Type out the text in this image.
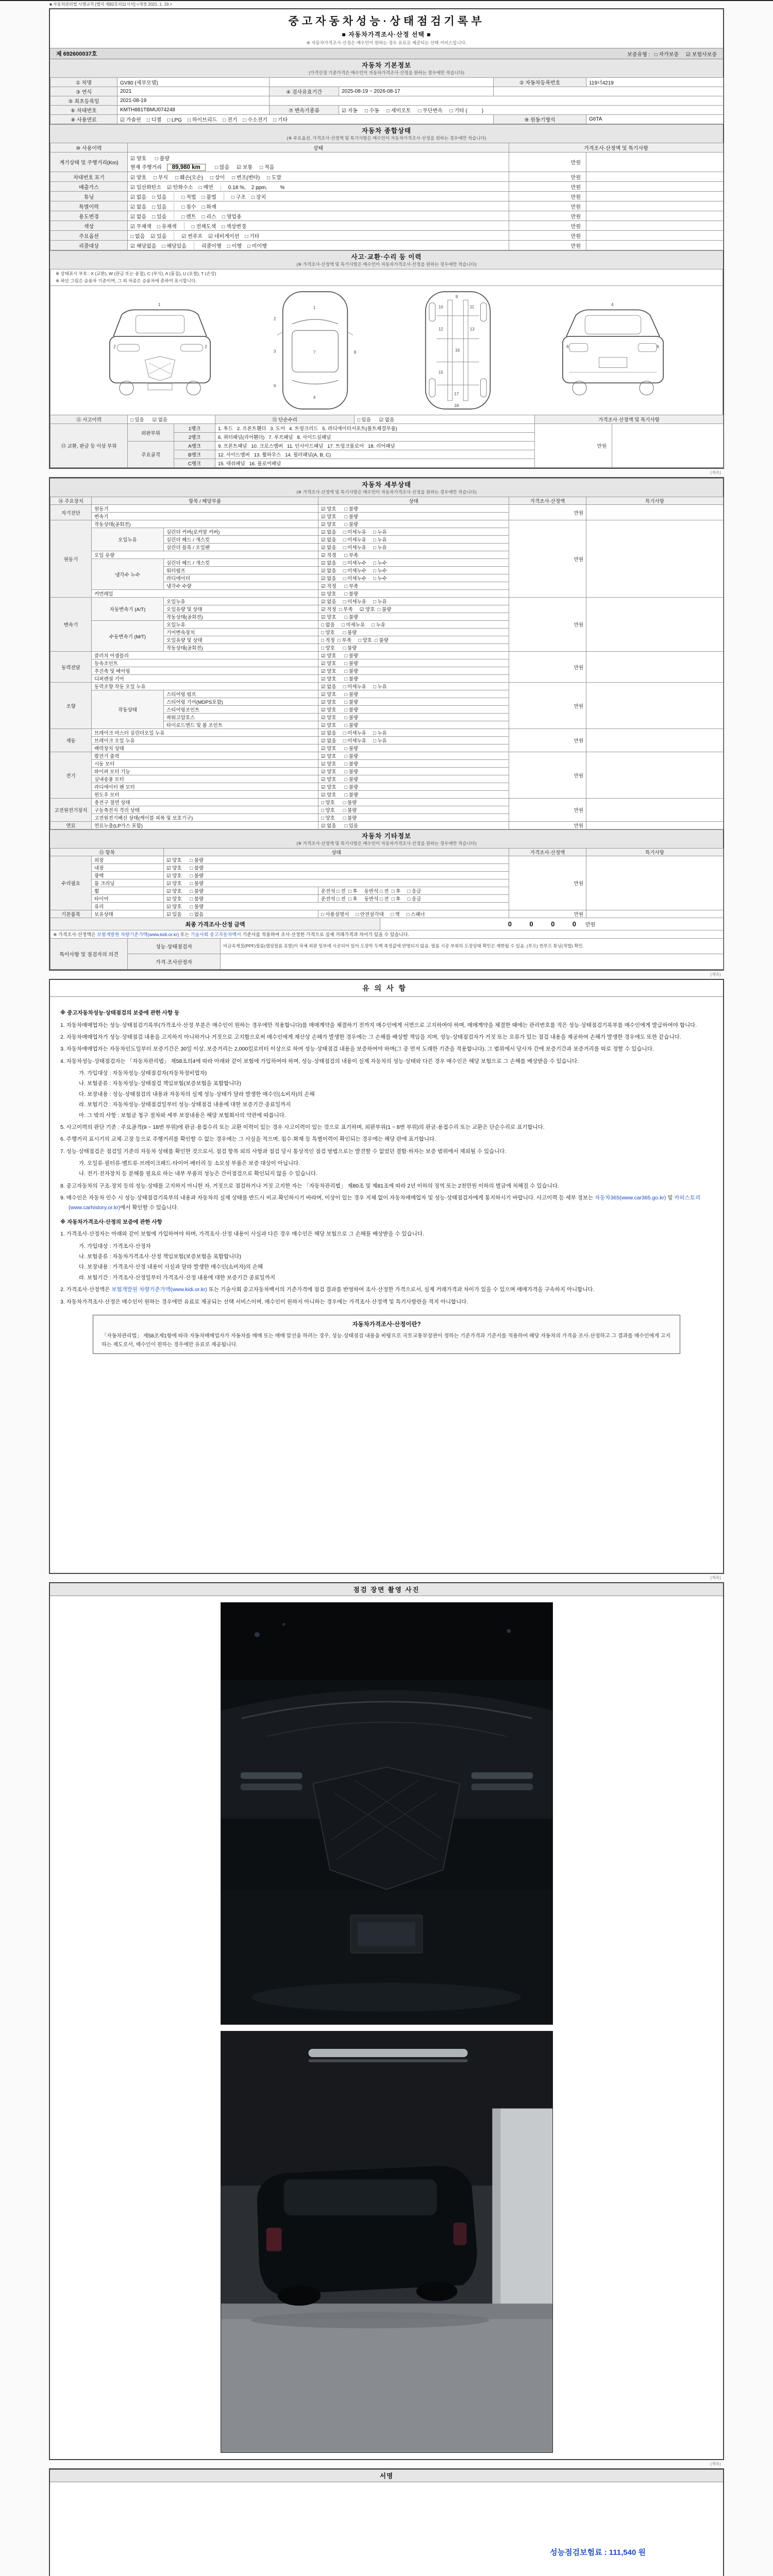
■ 자동차관리법 시행규칙 [별지 제82호의11서식] <개정 2021. 1. 19.>
중고자동차성능·상태점검기록부
■ 자동차가격조사·산정 선택 ■
※ 자동차가격조사·산정은 매수인이 원하는 경우 유료로 제공되는 선택 서비스입니다.
제 692600037호	보증유형 :   □ 자가보증     ☑ 보험사보증
자동차 기본정보
(가격산정 기준가격은 매수인이 자동차가격조사·산정을 원하는 경우에만 적습니다)
① 차명	GV80 (세부모델)			② 자동차등록번호	119너4219
③ 연식	2021	④ 검사유효기간	2025-08-19 ~ 2026-08-17		
⑤ 최초등록일	2021-08-19				
⑥ 차대번호	KMTH881TBMU074248	⑦ 변속기종류	☑ 자동     □ 수동     □ 세미오토     □ 무단변속     □ 기타 (          )		
⑧ 사용연료	☑ 가솔린    □ 디젤    □ LPG    □ 하이브리드    □ 전기    □ 수소전기    □ 기타			⑨ 원동기형식	G6TA
자동차 종합상태
(※ 주요옵션, 가격조사·산정액 및 특기사항은 매수인이 자동차가격조사·산정을 원하는 경우에만 적습니다)
⑩ 사용이력	상태	가격조사·산정액 및 특기사항	
계기상태 및 주행거리(Km)	☑ 양호      □ 불량
현재 주행거리 89,980 km   □ 많음     ☑ 보통     □ 적음	만원	
차대번호 표기	☑ 양호     □ 부식     □ 훼손(오손)     □ 상이     □ 변조(변타)     □ 도말	만원	
배출가스	☑ 일산화탄소    ☑ 탄화수소    □ 매연 0.18 %,    2 ppm,         %	만원	
튜닝	☑ 없음    □ 있음 □ 적법    □ 불법 □ 구조    □ 장치	만원	
특별이력	☑ 없음    □ 있음 □ 침수    □ 화재	만원	
용도변경	☑ 없음    □ 있음 □ 렌트    □ 리스    □ 영업용	만원	
색상	☑ 무채색    □ 유채색 □ 전체도색    □ 색상변경	만원	
주요옵션	□ 없음    ☑ 있음 ☑ 썬루프    ☑ 네비게이션    □ 기타	만원	
리콜대상	☑ 해당없음    □ 해당있음 리콜이행    □ 이행    □ 미이행	만원	
사고·교환·수리 등 이력
(※ 가격조사·산정액 및 특기사항은 매수인이 자동차가격조사·산정을 원하는 경우에만 적습니다)
※ 상태표시 부호 : X (교환), W (판금 또는 용접), C (부식), A (흠집), U (요철), T (손상)
※ 하단 그림은 승용차 기준이며, 그 외 차종은 승용차에 준하여 표시합니다.
1
2	2
1
2
3	7
6
8
4
9
10	11
12	13
16
15
17
18
4
6	6
⑪ 사고이력	□ 있음      ☑ 없음		⑫ 단순수리	□ 있음      ☑ 없음	가격조사·산정액 및 특기사항	
⑬ 교환, 판금 등 이상 부위	외판부위	1랭크	1. 후드   2. 프론트휀더   3. 도어   4. 트렁크리드   5. 라디에이터서포트(볼트체결부품)		만원	
		2랭크	6. 쿼터패널(리어휀더)   7. 루프패널   8. 사이드실패널			
	주요골격	A랭크	9. 프론트패널   10. 크로스멤버   11. 인사이드패널   17. 트렁크플로어   18. 리어패널			
		B랭크	12. 사이드멤버   13. 휠하우스   14. 필러패널(A, B, C)			
		C랭크	15. 대쉬패널   16. 플로어패널			
(계속)
자동차 세부상태
(※ 가격조사·산정액 및 특기사항은 매수인이 자동차가격조사·산정을 원하는 경우에만 적습니다)
⑭ 주요장치	항목 / 해당부품		상태	가격조사·산정액	특기사항
자기진단	원동기		☑ 양호      □ 불량	만원	
	변속기		☑ 양호      □ 불량		
원동기	작동상태(공회전)		☑ 양호      □ 불량	만원	
	오일누유	실린더 커버(로커암 커버)	☑ 없음     □ 미세누유     □ 누유		
		실린더 헤드 / 개스킷	☑ 없음     □ 미세누유     □ 누유		
		실린더 블록 / 오일팬	☑ 없음     □ 미세누유     □ 누유		
	오일 유량		☑ 적정      □ 부족		
	냉각수 누수	실린더 헤드 / 개스킷	☑ 없음     □ 미세누수     □ 누수		
		워터펌프	☑ 없음     □ 미세누수     □ 누수		
		라디에이터	☑ 없음     □ 미세누수     □ 누수		
		냉각수 수량	☑ 적정      □ 부족		
	커먼레일		☑ 양호      □ 불량		
변속기	자동변속기 (A/T)	오일누유	☑ 없음     □ 미세누유     □ 누유	만원	
		오일유량 및 상태	☑ 적정  □ 부족     ☑ 양호  □ 불량		
		작동상태(공회전)	☑ 양호      □ 불량		
	수동변속기 (M/T)	오일누유	□ 없음     □ 미세누유     □ 누유		
		기어변속장치	□ 양호      □ 불량		
		오일유량 및 상태	□ 적정  □ 부족     □ 양호  □ 불량		
		작동상태(공회전)	□ 양호      □ 불량		
동력전달	클러치 어셈블리		☑ 양호      □ 불량	만원	
	등속조인트		☑ 양호      □ 불량		
	추진축 및 베어링		☑ 양호      □ 불량		
	디퍼렌셜 기어		☑ 양호      □ 불량		
조향	동력조향 작동 오일 누유		☑ 없음     □ 미세누유     □ 누유	만원	
	작동상태	스티어링 펌프	☑ 양호      □ 불량		
		스티어링 기어(MDPS포함)	☑ 양호      □ 불량		
		스티어링조인트	☑ 양호      □ 불량		
		파워고압호스	☑ 양호      □ 불량		
		타이로드엔드 및 볼 조인트	☑ 양호      □ 불량		
제동	브레이크 마스터 실린더오일 누유		☑ 없음     □ 미세누유     □ 누유	만원	
	브레이크 오일 누유		☑ 없음     □ 미세누유     □ 누유		
	배력장치 상태		☑ 양호      □ 불량		
전기	발전기 출력		☑ 양호      □ 불량	만원	
	시동 모터		☑ 양호      □ 불량		
	와이퍼 모터 기능		☑ 양호      □ 불량		
	실내송풍 모터		☑ 양호      □ 불량		
	라디에이터 팬 모터		☑ 양호      □ 불량		
	윈도우 모터		☑ 양호      □ 불량		
고전원전기장치	충전구 절연 상태		□ 양호      □ 불량	만원	
	구동축전지 격리 상태		□ 양호      □ 불량		
	고전원전기배선 상태(케이블 피복 및 보호기구)		□ 양호      □ 불량		
연료	연료누출(LP가스 포함)		☑ 없음      □ 있음	만원	
자동차 기타정보
(※ 가격조사·산정액 및 특기사항은 매수인이 자동차가격조사·산정을 원하는 경우에만 적습니다)
⑮ 항목		상태		가격조사·산정액	특기사항
수리필요	외장	☑ 양호      □ 불량		만원	
	내장	☑ 양호      □ 불량			
	광택	☑ 양호      □ 불량			
	룸 크리닝	☑ 양호      □ 불량			
	휠	☑ 양호      □ 불량	운전석 □ 전  □ 후     동반석 □ 전  □ 후     □ 응급		
	타이어	☑ 양호      □ 불량	운전석 □ 전  □ 후     동반석 □ 전  □ 후     □ 응급		
	유리	☑ 양호      □ 불량			
기본품목	보유상태	☑ 있음      □ 없음	□ 사용설명서     □ 안전삼각대     □ 잭     □ 스패너	만원	
최종 가격조사·산정 금액			0    0    0    0 만원
※ 가격조사·산정액은 보험개발원 차량기준가액(www.kidi.or.kr) 또는 기술사회 중고자동차백서 기준서를 적용하여 조사·산정한 가격으로 실제 거래가격과 차이가 있을 수 있습니다.			
특이사항 및 점검자의 의견	성능·상태점검자	비금속재질(PPF)필름(랩핑필름 포함)이 차체 외판 일부에 시공되어 있어 도장막 두께 측정값에 반영되지 않음. 필름 시공 부위의 도장상태 확인은 제한될 수 있음. (루프) 썬루프 튜닝(적법) 확인.	
	가격·조사산정자		
(계속)
유의사항
※ 중고자동차성능·상태점검의 보증에 관한 사항 등
1. 자동차매매업자는 성능·상태점검기록부(가격조사·산정 부분은 매수인이 원하는 경우에만 적용합니다)를 매매계약을 체결하기 전까지 매수인에게 서면으로 고지하여야 하며, 매매계약을 체결한 때에는 관리번호를 적은 성능·상태점검기록부를 매수인에게 발급하여야 합니다.
2. 자동차매매업자가 성능·상태점검 내용을 고지하지 아니하거나 거짓으로 고지함으로써 매수인에게 재산상 손해가 발생한 경우에는 그 손해를 배상할 책임을 지며, 성능·상태점검자가 거짓 또는 오류가 있는 점검 내용을 제공하여 손해가 발생한 경우에도 또한 같습니다.
3. 자동차매매업자는 자동차인도일부터 보증기간은 30일 이상, 보증거리는 2,000킬로미터 이상으로 하여 성능·상태점검 내용을 보증하여야 하며(그 중 먼저 도래한 기준을 적용합니다), 그 범위에서 당사자 간에 보증기간과 보증거리를 따로 정할 수 있습니다.
4. 자동차성능·상태점검자는 「자동차관리법」 제58조의4에 따라 아래와 같이 보험에 가입하여야 하며, 성능·상태점검의 내용이 실제 자동차의 성능·상태와 다른 경우 매수인은 해당 보험으로 그 손해를 배상받을 수 있습니다.
가. 가입대상 : 자동차성능·상태점검자(자동차정비업자)
나. 보험종류 : 자동차성능·상태점검 책임보험(보증보험을 포함합니다)
다. 보장내용 : 성능·상태점검의 내용과 자동차의 실제 성능·상태가 달라 발생한 매수인(소비자)의 손해
라. 보험기간 : 자동차성능·상태점검일부터 성능·상태점검 내용에 대한 보증기간 종료일까지
마. 그 밖의 사항 : 보험금 청구 절차와 세부 보장내용은 해당 보험회사의 약관에 따릅니다.
5. 사고이력의 판단 기준 : 주요골격(9 ~ 18번 부위)에 판금·용접수리 또는 교환 이력이 있는 경우 사고이력이 있는 것으로 표기하며, 외판부위(1 ~ 8번 부위)의 판금·용접수리 또는 교환은 단순수리로 표기합니다.
6. 주행거리 표시기의 교체·고장 등으로 주행거리를 확인할 수 없는 경우에는 그 사실을 적으며, 침수·화재 등 특별이력이 확인되는 경우에는 해당 란에 표기합니다.
7. 성능·상태점검은 점검일 기준의 자동차 상태를 확인한 것으로서, 점검 항목 외의 사항과 점검 당시 통상적인 점검 방법으로는 발견할 수 없었던 결함·하자는 보증 범위에서 제외될 수 있습니다.
가. 오일류·필터류·벨트류·브레이크패드·타이어·배터리 등 소모성 부품은 보증 대상이 아닙니다.
나. 전기·전자장치 등 분해를 필요로 하는 내부 부품의 성능은 간이점검으로 확인되지 않을 수 있습니다.
8. 중고자동차의 구조·장치 등의 성능·상태를 고지하지 아니한 자, 거짓으로 점검하거나 거짓 고지한 자는 「자동차관리법」 제80조 및 제81조에 따라 2년 이하의 징역 또는 2천만원 이하의 벌금에 처해질 수 있습니다.
9. 매수인은 자동차 인수 시 성능·상태점검기록부의 내용과 자동차의 실제 상태를 반드시 비교·확인하시기 바라며, 이상이 있는 경우 지체 없이 자동차매매업자 및 성능·상태점검자에게 통지하시기 바랍니다. 사고이력 등 세부 정보는 자동차365(www.car365.go.kr) 및 카히스토리(www.carhistory.or.kr)에서 확인할 수 있습니다.
※ 자동차가격조사·산정의 보증에 관한 사항
1. 가격조사·산정자는 아래와 같이 보험에 가입하여야 하며, 가격조사·산정 내용이 사실과 다른 경우 매수인은 해당 보험으로 그 손해를 배상받을 수 있습니다.
가. 가입대상 : 가격조사·산정자
나. 보험종류 : 자동차가격조사·산정 책임보험(보증보험을 포함합니다)
다. 보장내용 : 가격조사·산정 내용이 사실과 달라 발생한 매수인(소비자)의 손해
라. 보험기간 : 가격조사·산정일부터 가격조사·산정 내용에 대한 보증기간 종료일까지
2. 가격조사·산정액은 보험개발원 차량기준가액(www.kidi.or.kr) 또는 기술사회 중고자동차백서의 기준가격에 점검 결과를 반영하여 조사·산정한 가격으로서, 실제 거래가격과 차이가 있을 수 있으며 매매가격을 구속하지 아니합니다.
3. 자동차가격조사·산정은 매수인이 원하는 경우에만 유료로 제공되는 선택 서비스이며, 매수인이 원하지 아니하는 경우에는 가격조사·산정액 및 특기사항란을 적지 아니합니다.
자동차가격조사·산정이란?
「자동차관리법」 제58조제1항에 따라 자동차매매업자가 자동차를 매매 또는 매매 알선을 하려는 경우, 성능·상태점검 내용을 바탕으로 국토교통부장관이 정하는 기준가격과 기준서를 적용하여 해당 자동차의 가격을 조사·산정하고 그 결과를 매수인에게 고지하는 제도로서, 매수인이 원하는 경우에만 유료로 제공됩니다.
(계속)
점검 장면 촬영 사진
(계속)
서명
성능점검보험료 : 111,540 원
